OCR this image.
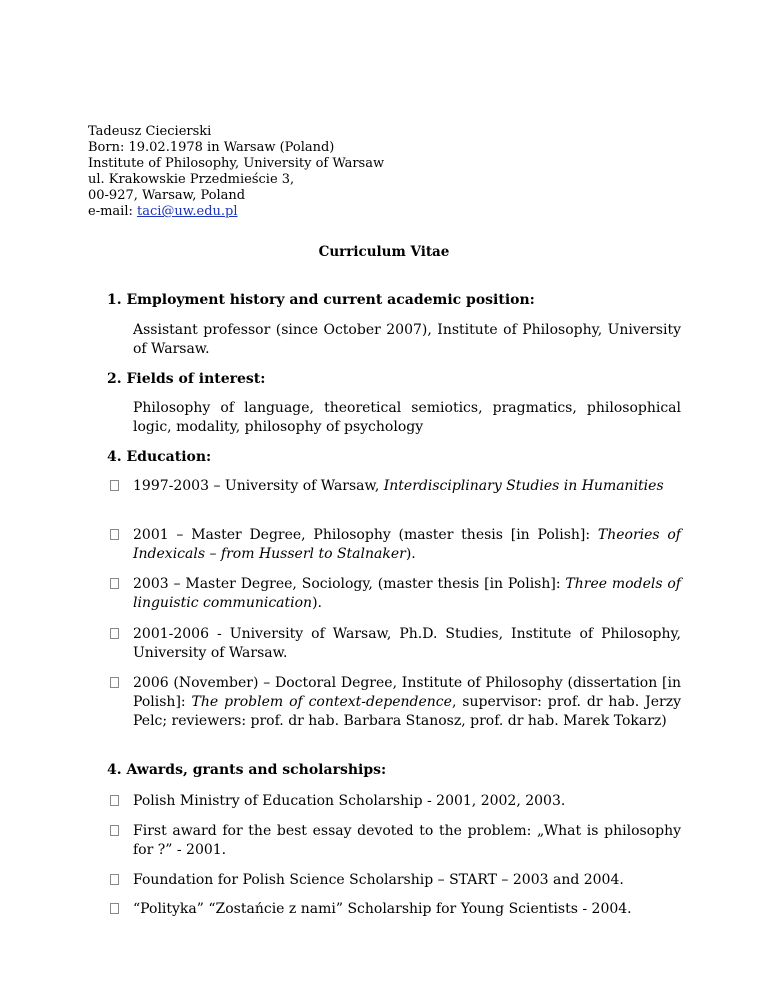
Tadeusz Ciecierski
Born: 19.02.1978 in Warsaw (Poland)
Institute of Philosophy, University of Warsaw
ul. Krakowskie Przedmieście 3,
00-927, Warsaw, Poland
e-mail: taci@uw.edu.pl
Curriculum Vitae
1. Employment history and current academic position:
Assistant professor (since October 2007), Institute of Philosophy, University of Warsaw.
2. Fields of interest:
Philosophy of language, theoretical semiotics, pragmatics, philosophical logic, modality, philosophy of psychology
4. Education:
1997-2003 – University of Warsaw, Interdisciplinary Studies in Humanities
2001 – Master Degree, Philosophy (master thesis [in Polish]: Theories of Indexicals – from Husserl to Stalnaker).
2003 – Master Degree, Sociology, (master thesis [in Polish]: Three models of linguistic communication).
2001-2006 - University of Warsaw, Ph.D. Studies, Institute of Philosophy, University of Warsaw.
2006 (November) – Doctoral Degree, Institute of Philosophy (dissertation [in Polish]: The problem of context-dependence, supervisor: prof. dr hab. Jerzy Pelc; reviewers: prof. dr hab. Barbara Stanosz, prof. dr hab. Marek Tokarz)
4. Awards, grants and scholarships:
Polish Ministry of Education Scholarship - 2001, 2002, 2003.
First award for the best essay devoted to the problem: „What is philosophy for ?” - 2001.
Foundation for Polish Science Scholarship – START – 2003 and 2004.
“Polityka” “Zostańcie z nami” Scholarship for Young Scientists - 2004.
